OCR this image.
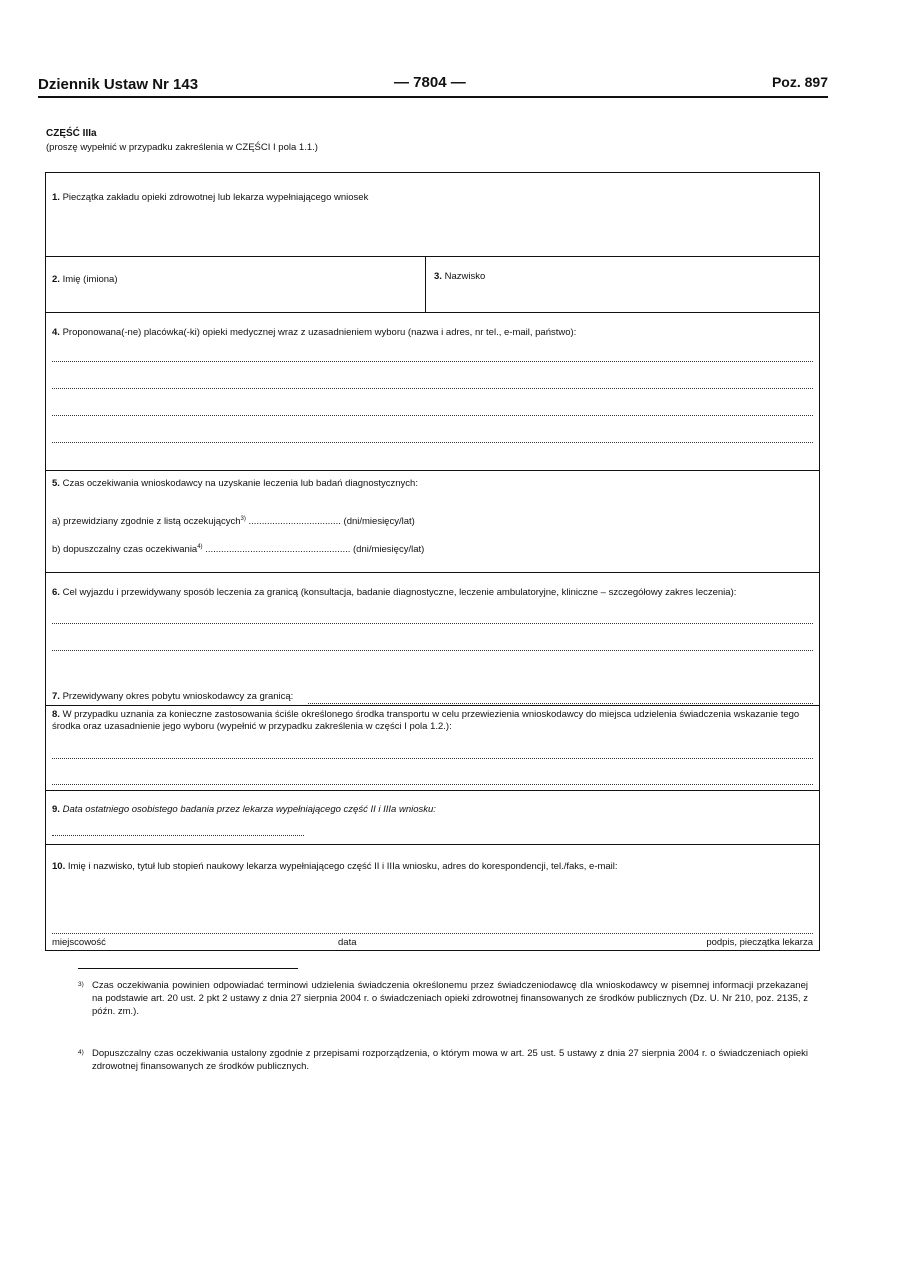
Dziennik Ustaw Nr 143	— 7804 —	Poz. 897
CZĘŚĆ IIIa
(proszę wypełnić w przypadku zakreślenia w CZĘŚCI I pola 1.1.)
1. Pieczątka zakładu opieki zdrowotnej lub lekarza wypełniającego wniosek
2. Imię (imiona)	3. Nazwisko
4. Proponowana(-ne) placówka(-ki) opieki medycznej wraz z uzasadnieniem wyboru (nazwa i adres, nr tel., e-mail, państwo):
5. Czas oczekiwania wnioskodawcy na uzyskanie leczenia lub badań diagnostycznych:
a) przewidziany zgodnie z listą oczekujących$^{3)}$ ................................... (dni/miesięcy/lat)
b) dopuszczalny czas oczekiwania$^{4)}$ ....................................................... (dni/miesięcy/lat)
6. Cel wyjazdu i przewidywany sposób leczenia za granicą (konsultacja, badanie diagnostyczne, leczenie ambulatoryjne, kliniczne – szczegółowy zakres leczenia):
7. Przewidywany okres pobytu wnioskodawcy za granicą:
8. W przypadku uznania za konieczne zastosowania ściśle określonego środka transportu w celu przewiezienia wnioskodawcy do miejsca udzielenia świadczenia wskazanie tego środka oraz uzasadnienie jego wyboru (wypełnić w przypadku zakreślenia w części I pola 1.2.):
9. Data ostatniego osobistego badania przez lekarza wypełniającego część II i IIIa wniosku:
10. Imię i nazwisko, tytuł lub stopień naukowy lekarza wypełniającego część II i IIIa wniosku, adres do korespondencji, tel./faks, e-mail:
miejscowość	data	podpis, pieczątka lekarza
3) Czas oczekiwania powinien odpowiadać terminowi udzielenia świadczenia określonemu przez świadczeniodawcę dla wnioskodawcy w pisemnej informacji przekazanej na podstawie art. 20 ust. 2 pkt 2 ustawy z dnia 27 sierpnia 2004 r. o świadczeniach opieki zdrowotnej finansowanych ze środków publicznych (Dz. U. Nr 210, poz. 2135, z późn. zm.).
4) Dopuszczalny czas oczekiwania ustalony zgodnie z przepisami rozporządzenia, o którym mowa w art. 25 ust. 5 ustawy z dnia 27 sierpnia 2004 r. o świadczeniach opieki zdrowotnej finansowanych ze środków publicznych.
